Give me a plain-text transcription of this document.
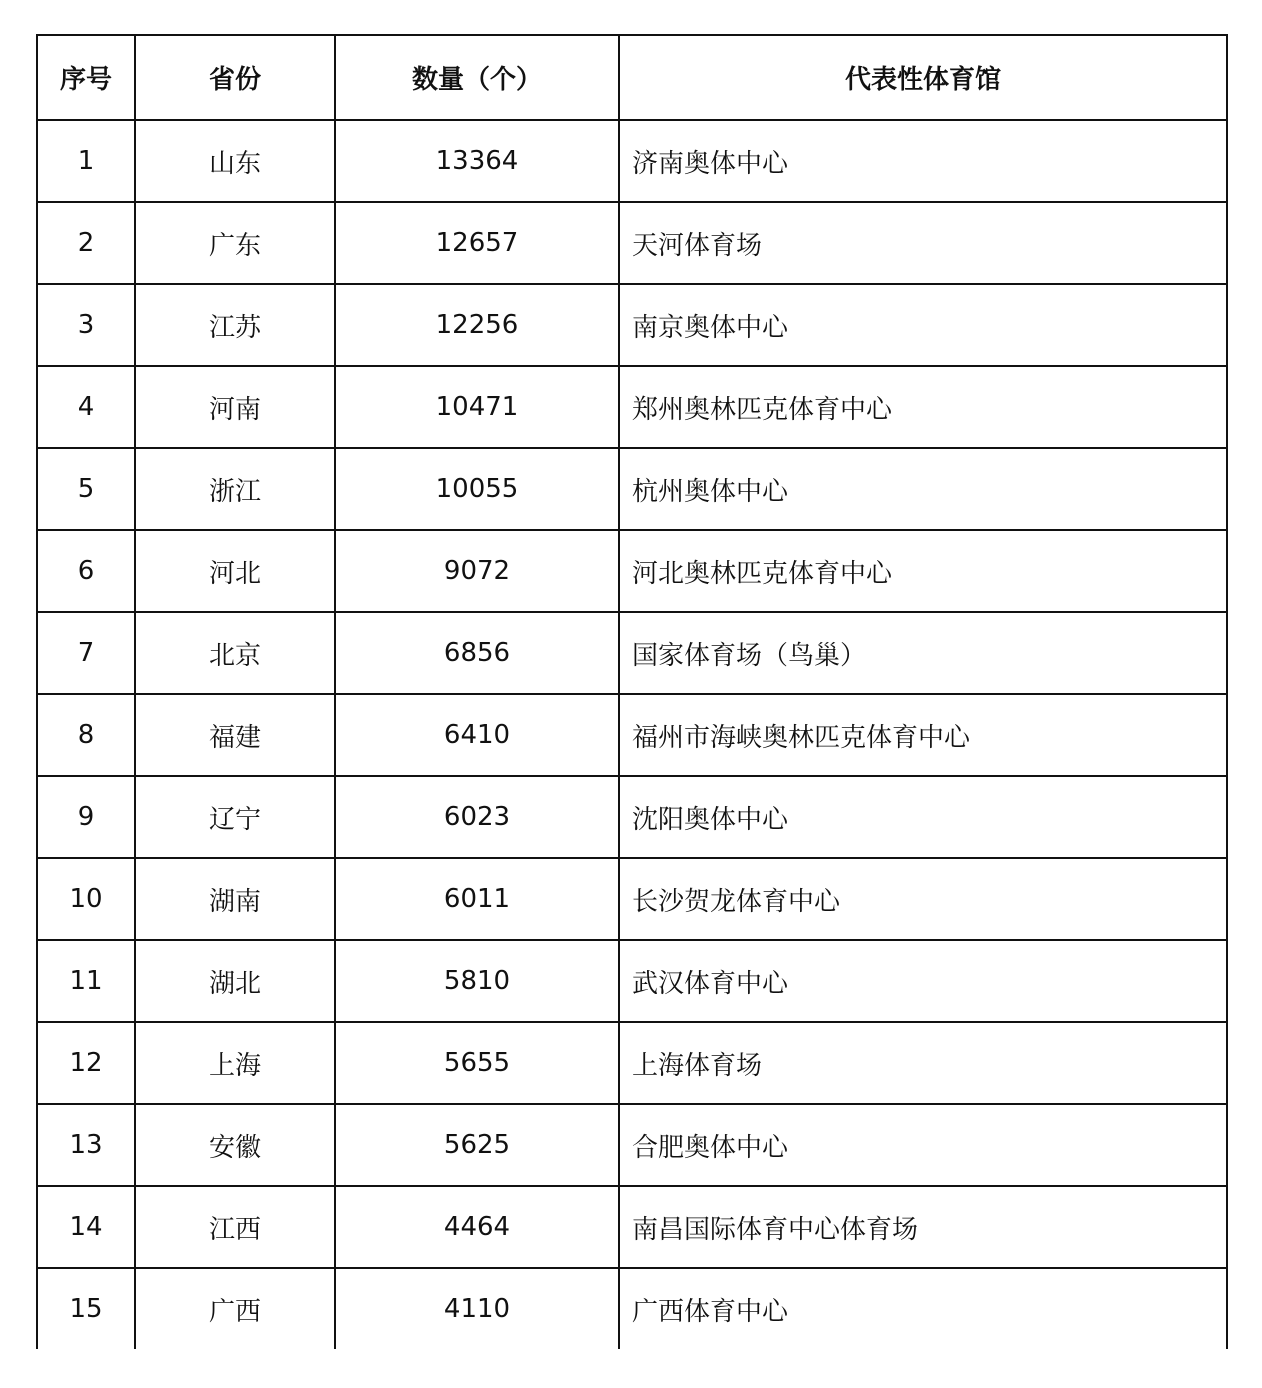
序号	省份	数量（个）	代表性体育馆
1	山东	13364	济南奥体中心
2	广东	12657	天河体育场
3	江苏	12256	南京奥体中心
4	河南	10471	郑州奥林匹克体育中心
5	浙江	10055	杭州奥体中心
6	河北	9072	河北奥林匹克体育中心
7	北京	6856	国家体育场（鸟巢）
8	福建	6410	福州市海峡奥林匹克体育中心
9	辽宁	6023	沈阳奥体中心
10	湖南	6011	长沙贺龙体育中心
11	湖北	5810	武汉体育中心
12	上海	5655	上海体育场
13	安徽	5625	合肥奥体中心
14	江西	4464	南昌国际体育中心体育场
15	广西	4110	广西体育中心
